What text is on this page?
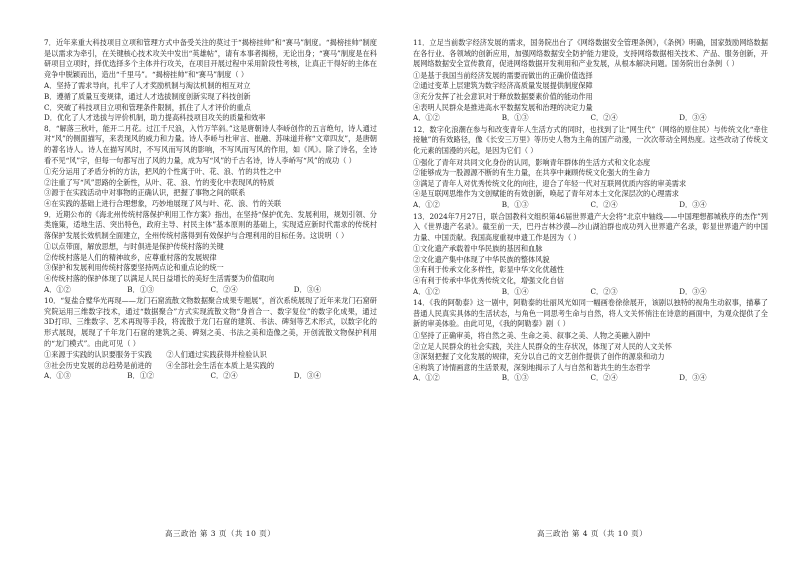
7．近年来重大科技项目立项和管理方式中备受关注的莫过于“揭榜挂帅”和“赛马”制度。“揭榜挂帅”制度是以需求为牵引，在关键核心技术攻关中发出“英雄帖”，请有本事者揭榜，无论出身；“赛马”制度是在科研项目立项时，择优选择多个主体并行攻关，在项目开展过程中采用阶段性考核，让真正干得好的主体在竞争中脱颖而出，造出“千里马”。“揭榜挂帅”和“赛马”制度（ ）

A．坚持了需求导向，扎牢了人才奖励机制与淘汰机制的相互对立

B．遵循了质量互变规律，通过人才选拔制度创新实现了科技创新

C．突破了科技项目立项和管理条件限制，抓住了人才评价的重点

D．优化了人才选拔与评价机制，助力提高科技项目攻关的质量和效率

8．“解落三秋叶，能开二月花。过江千尺浪，入竹万竿斜。”这是唐朝诗人李峤创作的五言绝句，诗人通过对“风”的侧面描写，来表现风的威力和力量。诗人李峤与杜审言、崔融、苏味道并称“文章四友”，是唐朝的著名诗人。诗人在描写风时，不写风而写风的影响，不写风而写风的作用，如《风》。除了诗名，全诗看不见“风”字，但每一句都写出了风的力量，成为写“风”的千古名诗，诗人李峤写“风”的成功（ ）

①充分运用了矛盾分析的方法，把风的个性寓于叶、花、浪、竹的共性之中

②注重了写“风”思路的全新性，从叶、花、浪、竹的变化中表现风的特质

③源于在实践活动中对事物的正确认识，把握了事物之间的联系

④在实践的基础上进行合理想象，巧妙地展现了风与叶、花、浪、竹的关联

9．近期公布的《海北州传统村落保护利用工作方案》指出，在坚持“保护优先、发展利用，规划引领、分类施策，适地生活、突出特色，政府主导、村民主体”基本原则的基础上，实现适应新时代需求的传统村落保护发展长效机制全面建立，全州传统村落得到有效保护与合理利用的目标任务。这说明（ ）

①以点带面，解放思想，与时俱进是保护传统村落的关键

②传统村落是人们的精神故乡，应尊重村落的发展规律

③保护和发展利用传统村落要坚持两点论和重点论的统一

④传统村落的保护体现了以满足人民日益增长的美好生活需要为价值取向

A．①②	B．①③	C．②④	D．③④

10．“复盐合璧华光再现——龙门石窟流散文物数据聚合成果专题展”，首次系统展现了近年来龙门石窟研究院运用三维数字技术，通过“数据聚合”方式实现流散文物“身首合一、数字复位”的数字化成果，通过3D打印、三维数字、艺术再现等手段，将流散于龙门石窟的建筑、书法、碑刻等艺术形式，以数字化的形式展现，展现了千年龙门石窟的建筑之美、碑刻之美、书法之美和造像之美，开创流散文物保护利用的“龙门模式”。由此可见（ ）

①来源于实践的认识要服务于实践　　②人们通过实践获得并检验认识

③社会历史发展的总趋势是前进的　　④全部社会生活在本质上是实践的

A．①③	B．①②	C．②④	D．③④
高三政治 第 3 页（共 10 页）

11．立足当前数字经济发展的需求，国务院出台了《网络数据安全管理条例》，《条例》明确，国家鼓励网络数据在各行业、各领域的创新应用，加强网络数据安全防护能力建设，支持网络数据相关技术、产品、服务创新，开展网络数据安全宣传教育，促进网络数据开发利用和产业发展，从根本解决问题。国务院出台条例（ ）

①是基于我国当前经济发展的需要而做出的正确价值选择

②通过变革上层建筑为数字经济高质量发展提供制度保障

③充分发挥了社会意识对于释放数据要素价值的能动作用

④表明人民群众是推进高水平数据发展和治理的决定力量

A．①②	B．①③	C．②④	D．③④

12．数字化浪潮在参与和改变青年人生活方式的同时，也找到了让“网生代”（网络的原住民）与传统文化“牵住接触”的有效路径，像《长安三万里》等历史人物为主角的国产动漫，一次次带动全网热度。这些改动了传统文化元素的国漫的兴起，是因为它们（ ）

①强化了青年对共同文化身份的认同，影响青年群体的生活方式和文化态度

②能够成为一股源源不断的有生力量，在共享中兼顾传统文化强大的生命力

③满足了青年人对优秀传统文化的向往，迎合了年轻一代对互联网优质内容的审美需求

④是互联网思维作为文创赋能的有效创新，唤起了青年对本土文化深层次的心理需求

A．①②	B．①③	C．②④	D．③④

13．2024年7月27日，联合国教科文组织第46届世界遗产大会将“北京中轴线——中国理想都城秩序的杰作”列入《世界遗产名录》。截至前一天，巴丹吉林沙漠—沙山湖泊群也成功列入世界遗产名录，彰显世界遗产的中国力量、中国贡献。我国高度重视申遗工作是因为（ ）

①文化遗产承载着中华民族的基因和血脉

②文化遗产集中体现了中华民族的整体风貌

③有利于传承文化多样性，彰显中华文化优越性

④有利于传承中华优秀传统文化，增强文化自信

A．①②	B．①④	C．②③	D．③④

14．《我的阿勒泰》这一剧中，阿勒泰的壮丽风光如同一幅画卷徐徐展开，该剧以独特的视角生动叙事，描摹了普通人民真实具体的生活状态，与角色一同思考生命与自然，将人文关怀悄注在诗意的画面中，为观众提供了全新的审美体验。由此可见，《我的阿勒泰》剧（ ）

①坚持了正确审美，将自然之美、生命之美、叙事之美、人物之美融入剧中

②立足人民群众的社会实践，关注人民群众的生存状况，体现了对人民的人文关怀

③深刻把握了文化发展的规律，充分以自己的文艺创作提供了创作的源泉和动力

④构筑了诗情画意的生活景观，深刻地揭示了人与自然和谐共生的生态哲学

A．①②	B．①③	C．②④	D．③④
高三政治 第 4 页（共 10 页）
